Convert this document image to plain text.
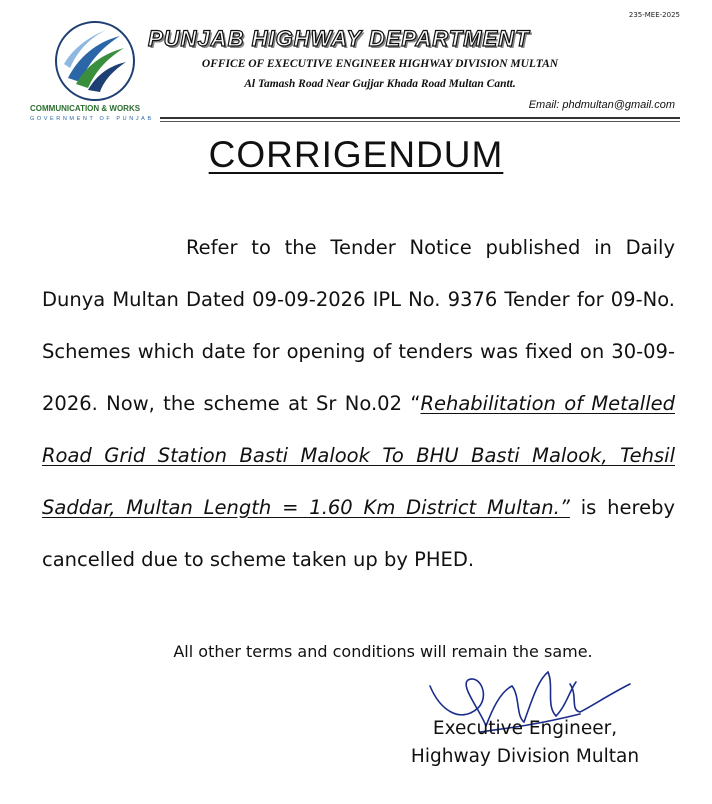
235-MEE-2025
COMMUNICATION & WORKS
GOVERNMENT OF PUNJAB
PUNJAB HIGHWAY DEPARTMENT
OFFICE OF EXECUTIVE ENGINEER HIGHWAY DIVISION MULTAN
Al Tamash Road Near Gujjar Khada Road Multan Cantt.
Email: phdmultan@gmail.com
CORRIGENDUM
Refer to the Tender Notice published in Daily Dunya Multan Dated 09-09-2026 IPL No. 9376 Tender for 09-No. Schemes which date for opening of tenders was fixed on 30-09-2026. Now, the scheme at Sr No.02 “Rehabilitation of Metalled Road Grid Station Basti Malook To BHU Basti Malook, Tehsil Saddar, Multan Length = 1.60 Km District Multan.” is hereby cancelled due to scheme taken up by PHED.
All other terms and conditions will remain the same.
Executive Engineer,
Highway Division Multan
